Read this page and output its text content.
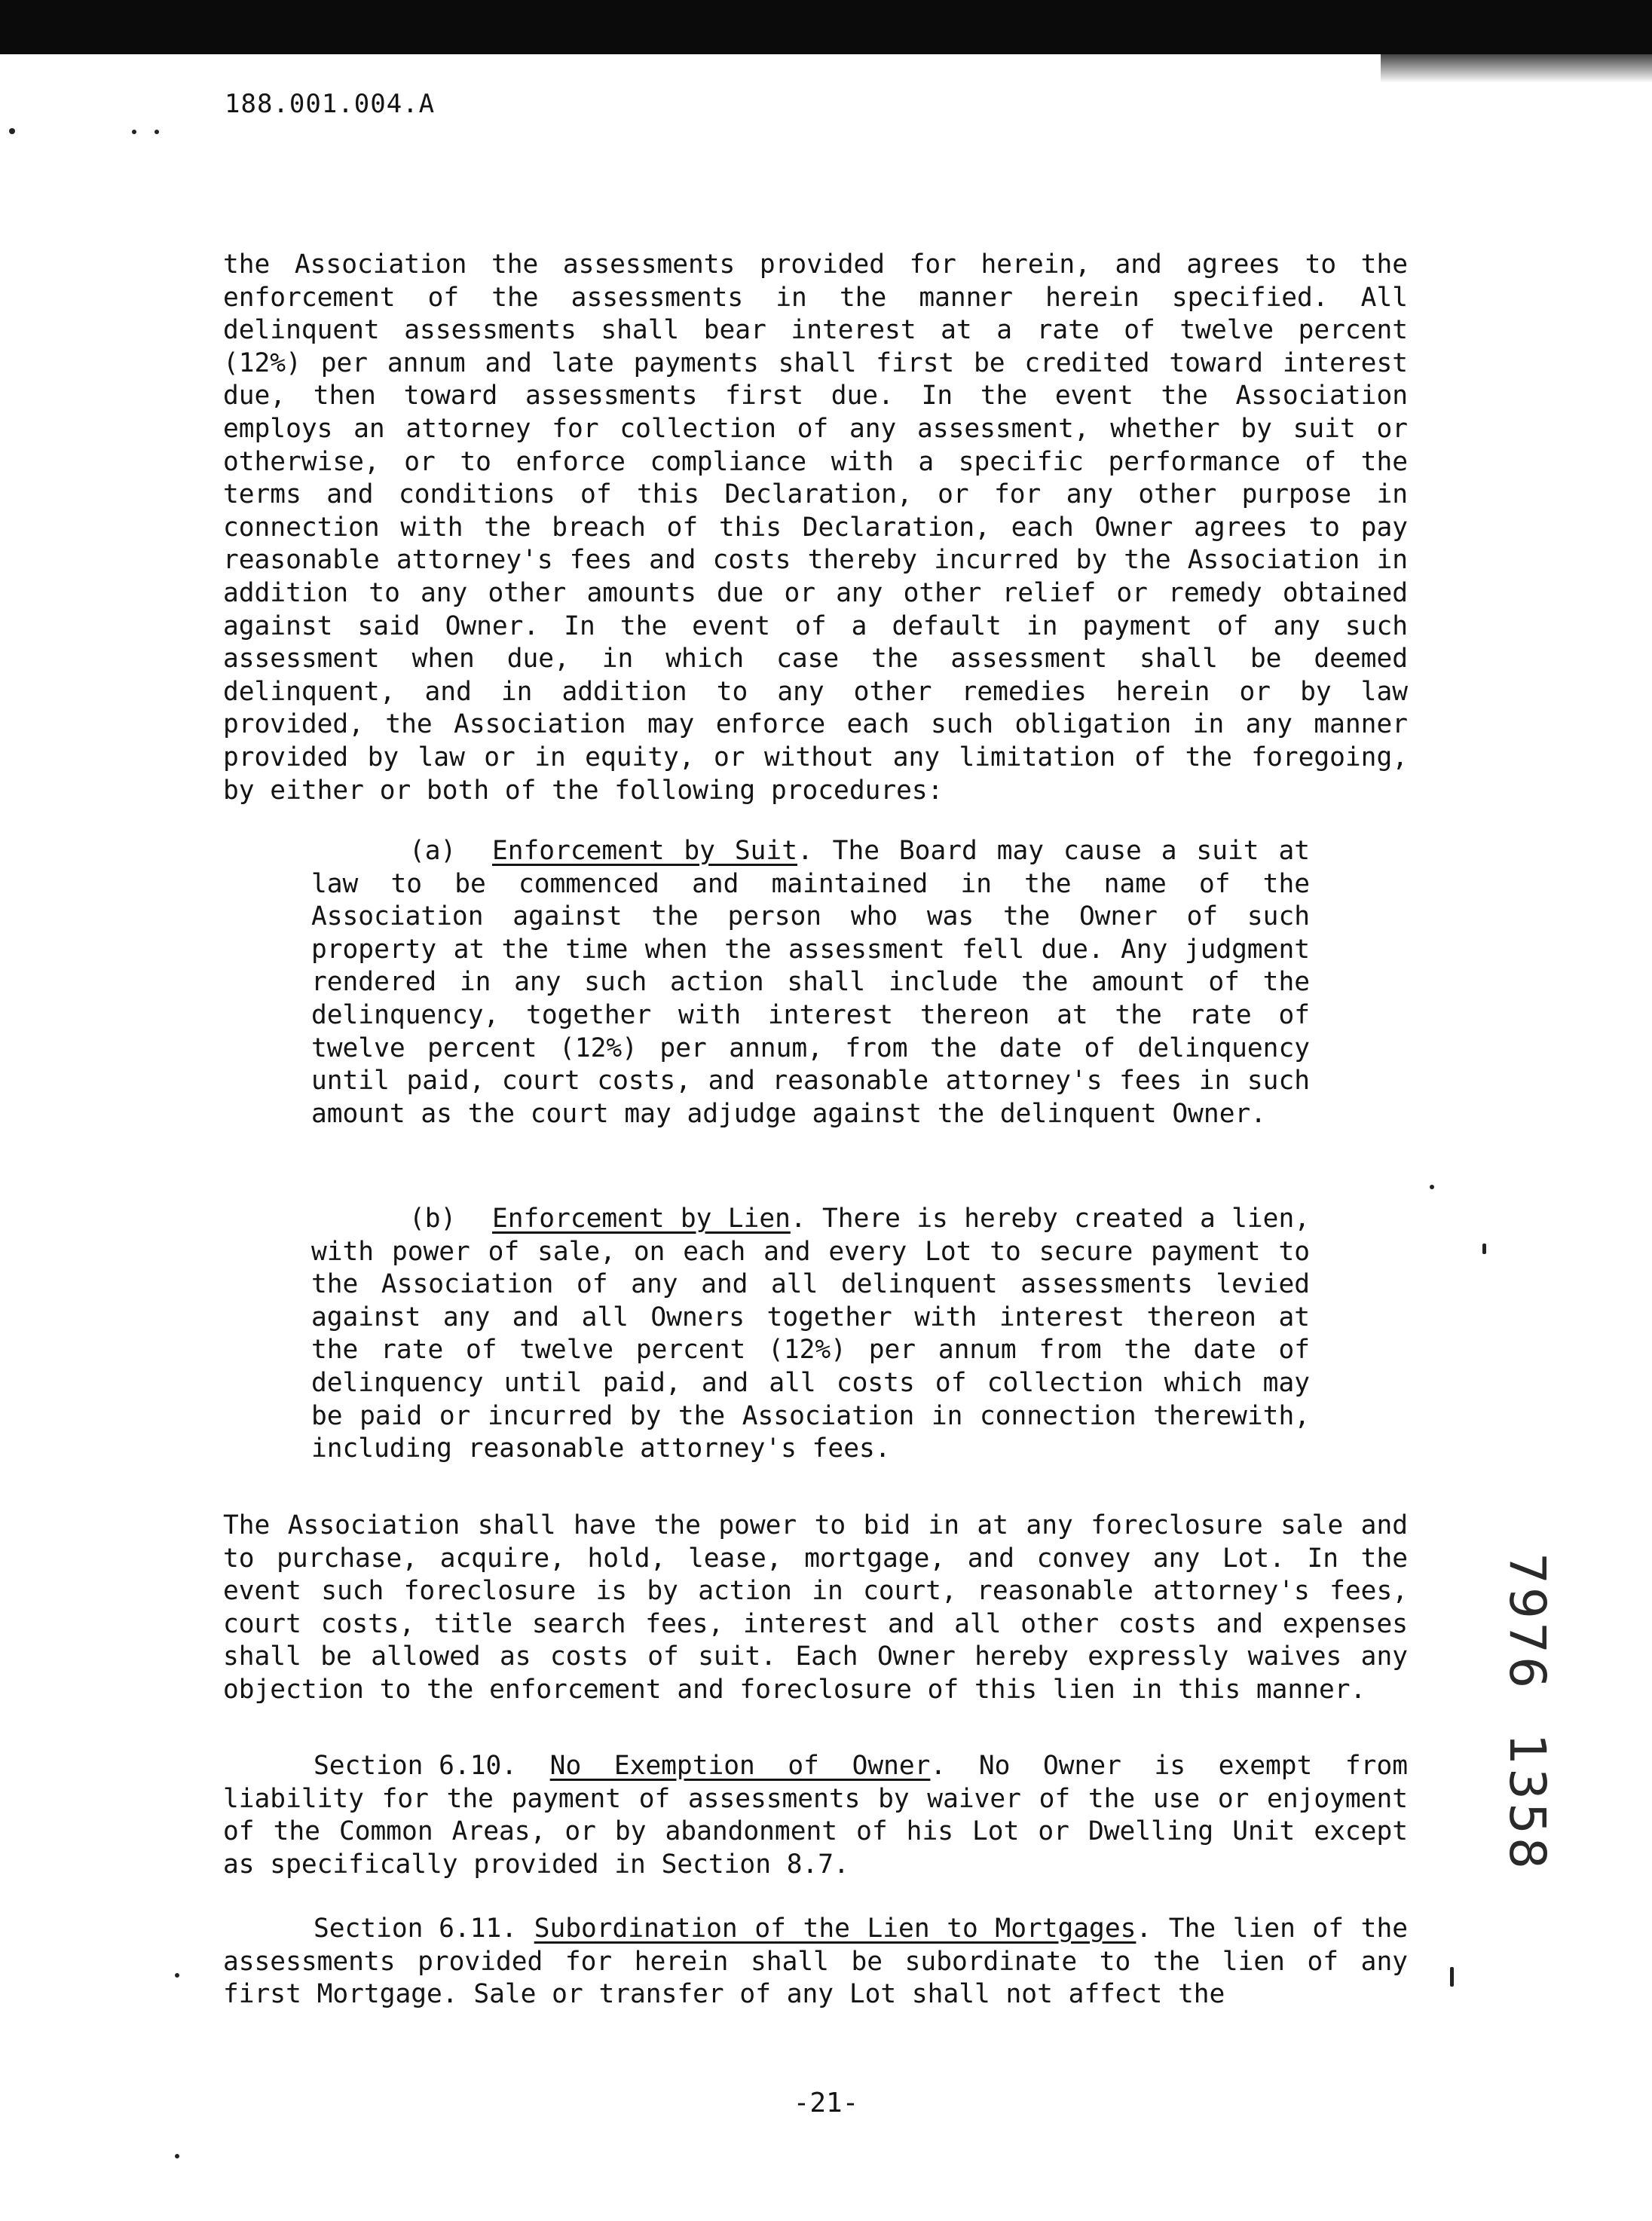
188.001.004.A
the Association the assessments provided for herein, and agrees to the enforcement of the assessments in the manner herein specified. All delinquent assessments shall bear interest at a rate of twelve percent (12%) per annum and late payments shall first be credited toward interest due, then toward assessments first due. In the event the Association employs an attorney for collection of any assessment, whether by suit or otherwise, or to enforce compliance with a specific performance of the terms and conditions of this Declaration, or for any other purpose in connection with the breach of this Declaration, each Owner agrees to pay reasonable attorney's fees and costs thereby incurred by the Association in addition to any other amounts due or any other relief or remedy obtained against said Owner. In the event of a default in payment of any such assessment when due, in which case the assessment shall be deemed delinquent, and in addition to any other remedies herein or by law provided, the Association may enforce each such obligation in any manner provided by law or in equity, or without any limitation of the foregoing, by either or both of the following procedures:
(a) Enforcement by Suit. The Board may cause a suit at law to be commenced and maintained in the name of the Association against the person who was the Owner of such property at the time when the assessment fell due. Any judgment rendered in any such action shall include the amount of the delinquency, together with interest thereon at the rate of twelve percent (12%) per annum, from the date of delinquency until paid, court costs, and reasonable attorney's fees in such amount as the court may adjudge against the delinquent Owner.
(b) Enforcement by Lien. There is hereby created a lien, with power of sale, on each and every Lot to secure payment to the Association of any and all delinquent assessments levied against any and all Owners together with interest thereon at the rate of twelve percent (12%) per annum from the date of delinquency until paid, and all costs of collection which may be paid or incurred by the Association in connection therewith, including reasonable attorney's fees.
The Association shall have the power to bid in at any foreclosure sale and to purchase, acquire, hold, lease, mortgage, and convey any Lot. In the event such foreclosure is by action in court, reasonable attorney's fees, court costs, title search fees, interest and all other costs and expenses shall be allowed as costs of suit. Each Owner hereby expressly waives any objection to the enforcement and foreclosure of this lien in this manner.
Section 6.10. No Exemption of Owner. No Owner is exempt from liability for the payment of assessments by waiver of the use or enjoyment of the Common Areas, or by abandonment of his Lot or Dwelling Unit except as specifically provided in Section 8.7.
Section 6.11. Subordination of the Lien to Mortgages. The lien of the assessments provided for herein shall be subordinate to the lien of any first Mortgage. Sale or transfer of any Lot shall not affect the
-21-
7976
1358
